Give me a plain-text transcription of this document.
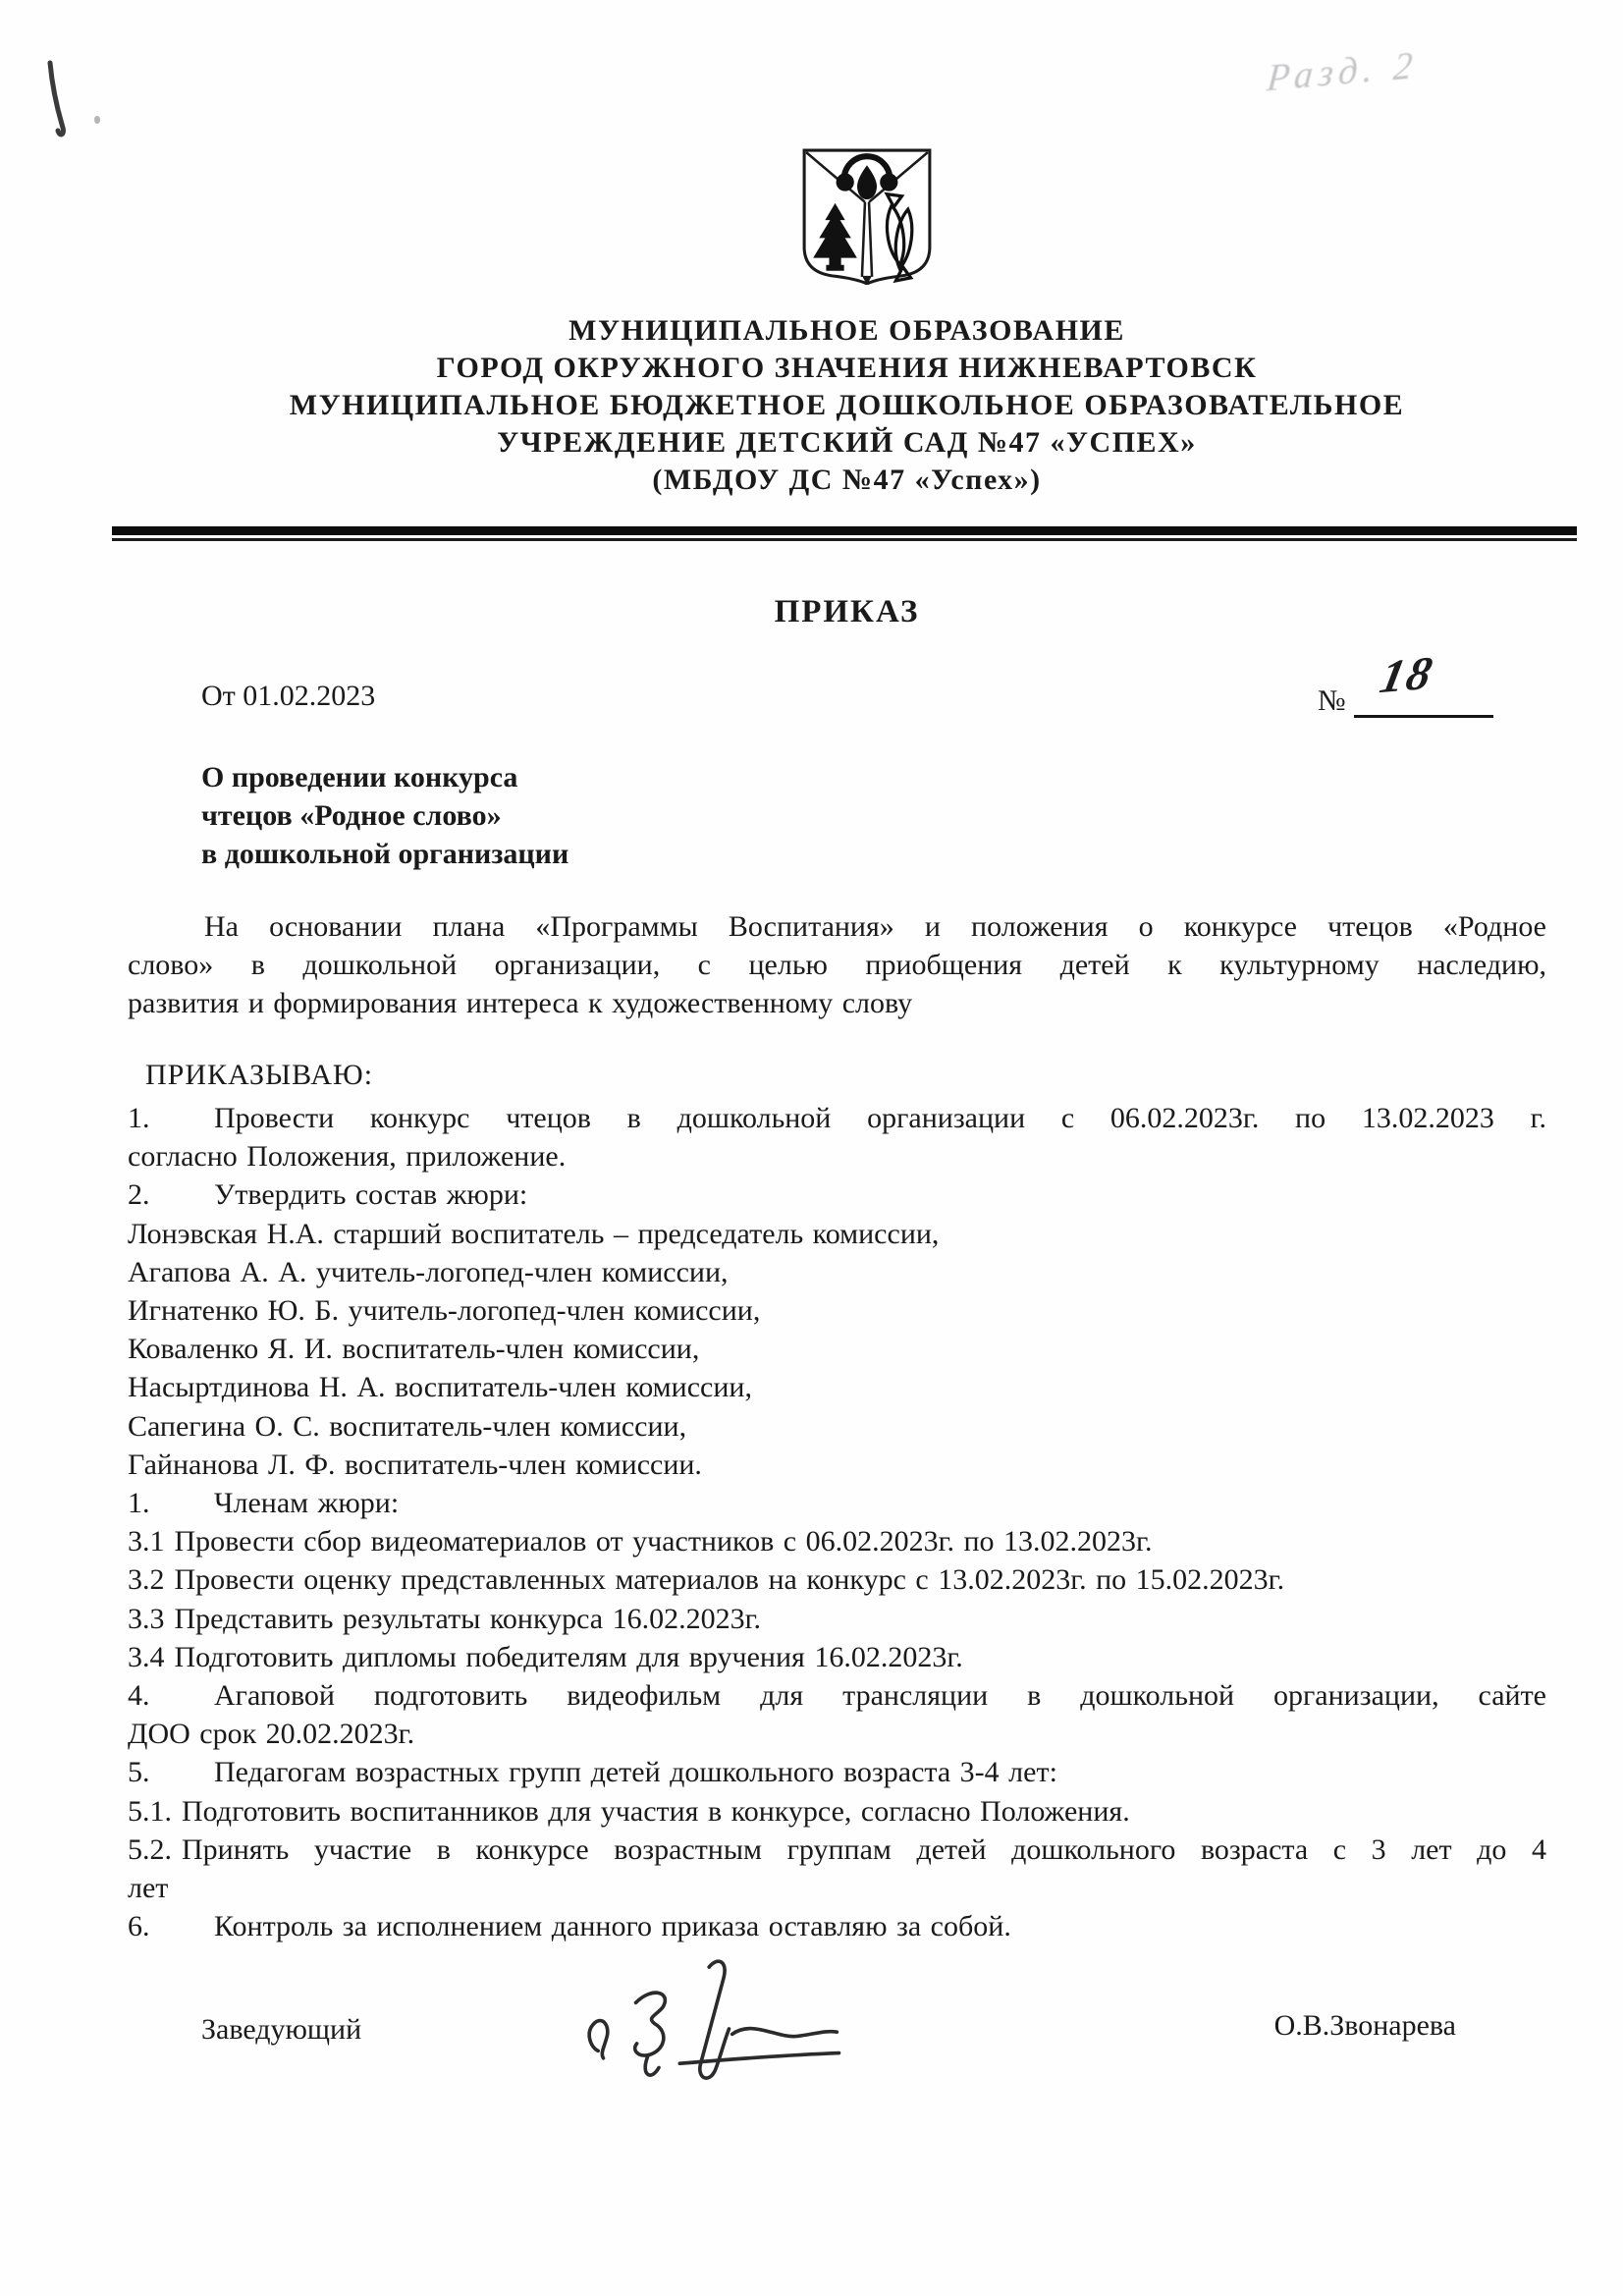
Разд. 2
МУНИЦИПАЛЬНОЕ ОБРАЗОВАНИЕ
ГОРОД ОКРУЖНОГО ЗНАЧЕНИЯ НИЖНЕВАРТОВСК
МУНИЦИПАЛЬНОЕ БЮДЖЕТНОЕ ДОШКОЛЬНОЕ ОБРАЗОВАТЕЛЬНОЕ
УЧРЕЖДЕНИЕ ДЕТСКИЙ САД №47 «УСПЕХ»
(МБДОУ ДС №47 «Успех»)
ПРИКАЗ
От 01.02.2023	№ 18
О проведении конкурса
чтецов «Родное слово»
в дошкольной организации
На основании плана «Программы Воспитания» и положения о конкурсе чтецов «Родное
слово» в дошкольной организации, с целью приобщения детей к культурному наследию,
развития и формирования интереса к художественному слову
ПРИКАЗЫВАЮ:
1. Провести конкурс чтецов в дошкольной организации с 06.02.2023г. по 13.02.2023 г.
согласно Положения, приложение.
2. Утвердить состав жюри:
Лонэвская Н.А. старший воспитатель – председатель комиссии,
Агапова А. А. учитель-логопед-член комиссии,
Игнатенко Ю. Б. учитель-логопед-член комиссии,
Коваленко Я. И. воспитатель-член комиссии,
Насыртдинова Н. А. воспитатель-член комиссии,
Сапегина О. С. воспитатель-член комиссии,
Гайнанова Л. Ф. воспитатель-член комиссии.
1. Членам жюри:
3.1 Провести сбор видеоматериалов от участников с 06.02.2023г. по 13.02.2023г.
3.2 Провести оценку представленных материалов на конкурс с 13.02.2023г. по 15.02.2023г.
3.3 Представить результаты конкурса 16.02.2023г.
3.4 Подготовить дипломы победителям для вручения 16.02.2023г.
4. Агаповой подготовить видеофильм для трансляции в дошкольной организации, сайте
ДОО срок 20.02.2023г.
5. Педагогам возрастных групп детей дошкольного возраста 3-4 лет:
5.1. Подготовить воспитанников для участия в конкурсе, согласно Положения.
5.2. Принять участие в конкурсе возрастным группам детей дошкольного возраста с 3 лет до 4
лет
6. Контроль за исполнением данного приказа оставляю за собой.
Заведующий	О.В.Звонарева
